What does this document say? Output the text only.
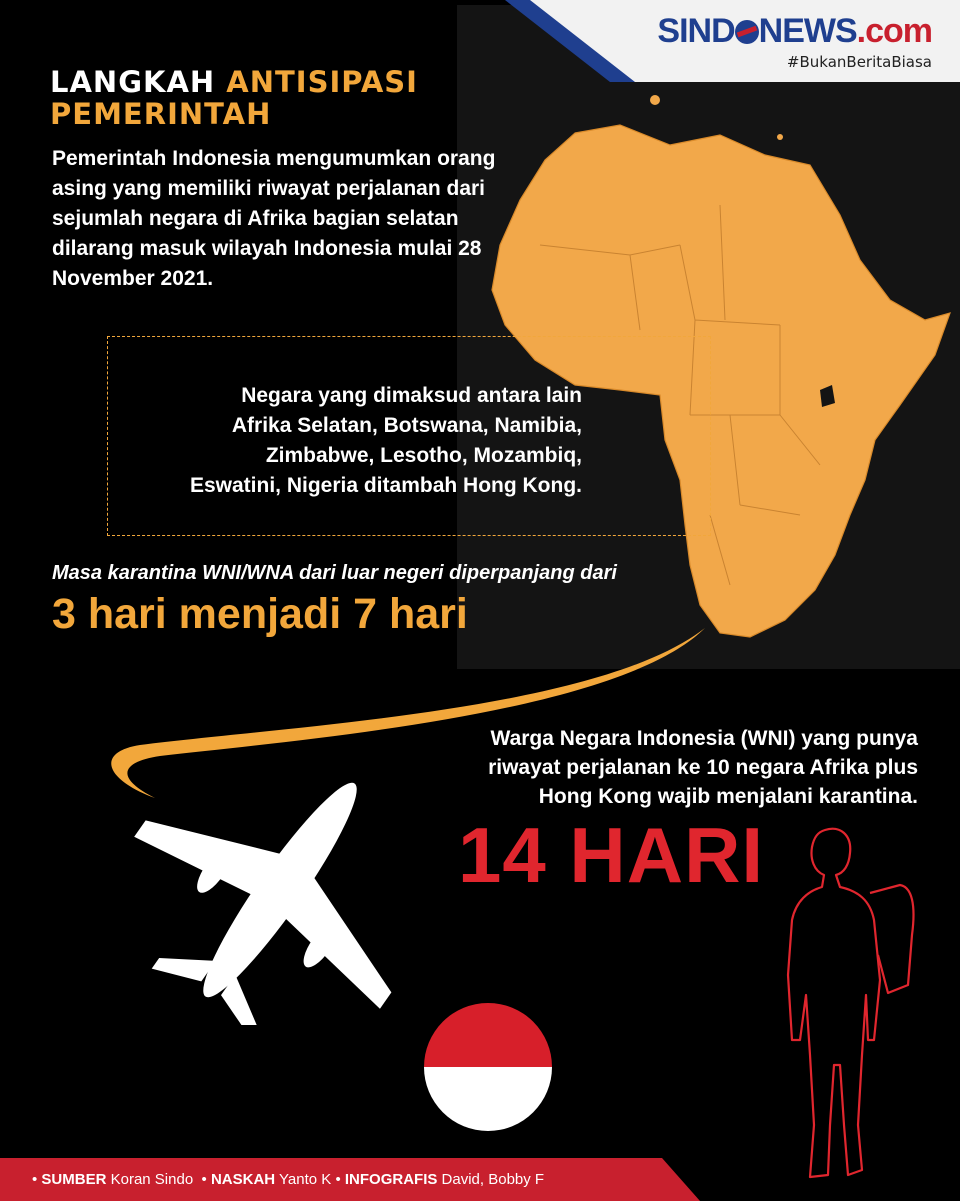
SIND NEWS.com
#BukanBeritaBiasa
LANGKAH ANTISIPASI
PEMERINTAH
Pemerintah Indonesia mengumumkan orang asing yang memiliki riwayat perjalanan dari sejumlah negara di Afrika bagian selatan dilarang masuk wilayah Indonesia mulai 28 November 2021.
Negara yang dimaksud antara lain
Afrika Selatan, Botswana, Namibia,
Zimbabwe, Lesotho, Mozambiq,
Eswatini, Nigeria ditambah Hong Kong.
Masa karantina WNI/WNA dari luar negeri diperpanjang dari
3 hari menjadi 7 hari
Warga Negara Indonesia (WNI) yang punya
riwayat perjalanan ke 10 negara Afrika plus
Hong Kong wajib menjalani karantina.
14 HARI
• SUMBER Koran Sindo • NASKAH Yanto K • INFOGRAFIS David, Bobby F
